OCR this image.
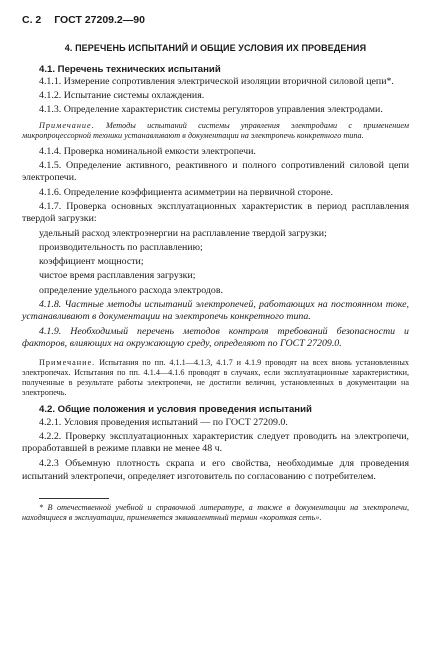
С. 2 ГОСТ 27209.2—90
4. ПЕРЕЧЕНЬ ИСПЫТАНИЙ И ОБЩИЕ УСЛОВИЯ ИХ ПРОВЕДЕНИЯ
4.1. Перечень технических испытаний

4.1.1. Измерение сопротивления электрической изоляции вторичной силовой цепи*.

4.1.2. Испытание системы охлаждения.

4.1.3. Определение характеристик системы регуляторов управления электродами.

Примечание. Методы испытаний системы управления электродами с применением микропроцессорной техники устанавливают в документации на электропечь конкретного типа.

4.1.4. Проверка номинальной емкости электропечи.

4.1.5. Определение активного, реактивного и полного сопротивлений силовой цепи электропечи.

4.1.6. Определение коэффициента асимметрии на первичной стороне.

4.1.7. Проверка основных эксплуатационных характеристик в период расплавления твердой загрузки:

удельный расход электроэнергии на расплавление твердой загрузки;

производительность по расплавлению;

коэффициент мощности;

чистое время расплавления загрузки;

определение удельного расхода электродов.

4.1.8. Частные методы испытаний электропечей, работающих на постоянном токе, устанавливают в документации на электропечь конкретного типа.

4.1.9. Необходимый перечень методов контроля требований безопасности и факторов, влияющих на окружающую среду, определяют по ГОСТ 27209.0.

Примечание. Испытания по пп. 4.1.1—4.1.3, 4.1.7 и 4.1.9 проводят на всех вновь установленных электропечах. Испытания по пп. 4.1.4—4.1.6 проводят в случаях, если эксплуатационные характеристики, полученные в результате работы электропечи, не достигли величин, установленных в документации на электропечь.

4.2. Общие положения и условия проведения испытаний

4.2.1. Условия проведения испытаний — по ГОСТ 27209.0.

4.2.2. Проверку эксплуатационных характеристик следует проводить на электропечи, проработавшей в режиме плавки не менее 48 ч.

4.2.3 Объемную плотность скрапа и его свойства, необходимые для проведения испытаний электропечи, определяет изготовитель по согласованию с потребителем.

* В отечественной учебной и справочной литературе, а также в документации на электропечи, находящиеся в эксплуатации, применяется эквивалентный термин «короткая сеть».
